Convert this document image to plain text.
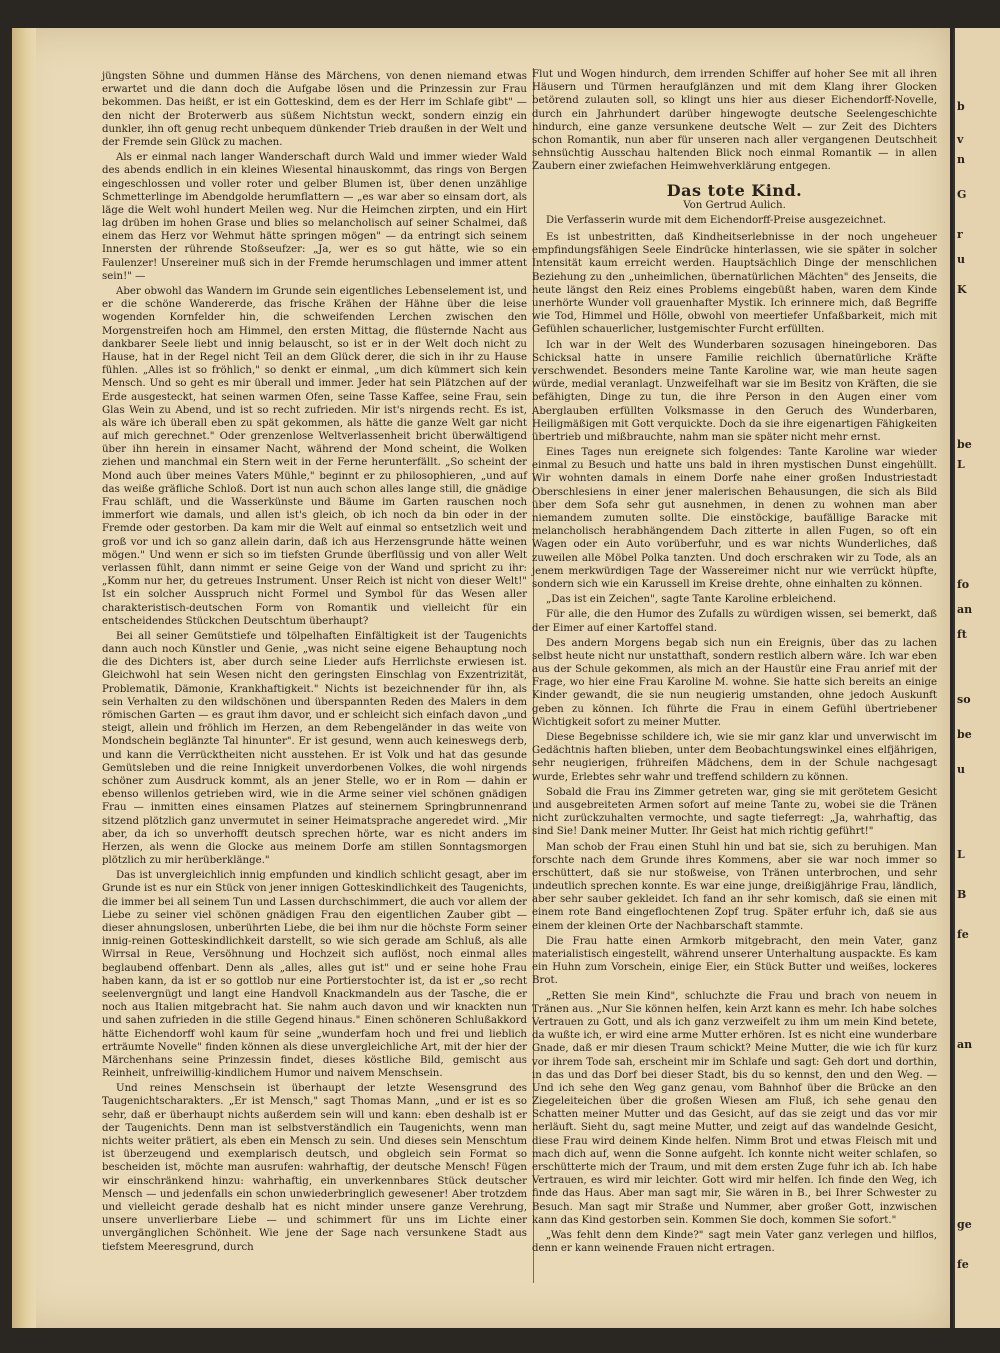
jüngsten Söhne und dummen Hänse des Märchens, von denen niemand etwas erwartet und die dann doch die Aufgabe lösen und die Prinzessin zur Frau bekommen. Das heißt, er ist ein Gotteskind, dem es der Herr im Schlafe gibt" — den nicht der Broterwerb aus süßem Nichtstun weckt, sondern einzig ein dunkler, ihn oft genug recht unbequem dünkender Trieb draußen in der Welt und der Fremde sein Glück zu machen.

Als er einmal nach langer Wanderschaft durch Wald und immer wieder Wald des abends endlich in ein kleines Wiesental hinauskommt, das rings von Bergen eingeschlossen und voller roter und gelber Blumen ist, über denen unzählige Schmetterlinge im Abendgolde herumflattern — „es war aber so einsam dort, als läge die Welt wohl hundert Meilen weg. Nur die Heimchen zirpten, und ein Hirt lag drüben im hohen Grase und blies so melancholisch auf seiner Schalmei, daß einem das Herz vor Wehmut hätte springen mögen" — da entringt sich seinem Innersten der rührende Stoßseufzer: „Ja, wer es so gut hätte, wie so ein Faulenzer! Unsereiner muß sich in der Fremde herumschlagen und immer attent sein!" —

Aber obwohl das Wandern im Grunde sein eigentliches Lebenselement ist, und er die schöne Wandererde, das frische Krähen der Hähne über die leise wogenden Kornfelder hin, die schweifenden Lerchen zwischen den Morgenstreifen hoch am Himmel, den ersten Mittag, die flüsternde Nacht aus dankbarer Seele liebt und innig belauscht, so ist er in der Welt doch nicht zu Hause, hat in der Regel nicht Teil an dem Glück derer, die sich in ihr zu Hause fühlen. „Alles ist so fröhlich," so denkt er einmal, „um dich kümmert sich kein Mensch. Und so geht es mir überall und immer. Jeder hat sein Plätzchen auf der Erde ausgesteckt, hat seinen warmen Ofen, seine Tasse Kaffee, seine Frau, sein Glas Wein zu Abend, und ist so recht zufrieden. Mir ist's nirgends recht. Es ist, als wäre ich überall eben zu spät gekommen, als hätte die ganze Welt gar nicht auf mich gerechnet." Oder grenzenlose Weltverlassenheit bricht überwältigend über ihn herein in einsamer Nacht, während der Mond scheint, die Wolken ziehen und manchmal ein Stern weit in der Ferne herunterfällt. „So scheint der Mond auch über meines Vaters Mühle," beginnt er zu philosophieren, „und auf das weiße gräfliche Schloß. Dort ist nun auch schon alles lange still, die gnädige Frau schläft, und die Wasserkünste und Bäume im Garten rauschen noch immerfort wie damals, und allen ist's gleich, ob ich noch da bin oder in der Fremde oder gestorben. Da kam mir die Welt auf einmal so entsetzlich weit und groß vor und ich so ganz allein darin, daß ich aus Herzensgrunde hätte weinen mögen." Und wenn er sich so im tiefsten Grunde überflüssig und von aller Welt verlassen fühlt, dann nimmt er seine Geige von der Wand und spricht zu ihr: „Komm nur her, du getreues Instrument. Unser Reich ist nicht von dieser Welt!" Ist ein solcher Ausspruch nicht Formel und Symbol für das Wesen aller charakteristisch-deutschen Form von Romantik und vielleicht für ein entscheidendes Stückchen Deutschtum überhaupt?

Bei all seiner Gemütstiefe und tölpelhaften Einfältigkeit ist der Taugenichts dann auch noch Künstler und Genie, „was nicht seine eigene Behauptung noch die des Dichters ist, aber durch seine Lieder aufs Herrlichste erwiesen ist. Gleichwohl hat sein Wesen nicht den geringsten Einschlag von Exzentrizität, Problematik, Dämonie, Krankhaftigkeit." Nichts ist bezeichnender für ihn, als sein Verhalten zu den wildschönen und überspannten Reden des Malers in dem römischen Garten — es graut ihm davor, und er schleicht sich einfach davon „und steigt, allein und fröhlich im Herzen, an dem Rebengeländer in das weite von Mondschein beglänzte Tal hinunter". Er ist gesund, wenn auch keineswegs derb, und kann die Verrücktheiten nicht ausstehen. Er ist Volk und hat das gesunde Gemütsleben und die reine Innigkeit unverdorbenen Volkes, die wohl nirgends schöner zum Ausdruck kommt, als an jener Stelle, wo er in Rom — dahin er ebenso willenlos getrieben wird, wie in die Arme seiner viel schönen gnädigen Frau — inmitten eines einsamen Platzes auf steinernem Springbrunnenrand sitzend plötzlich ganz unvermutet in seiner Heimatsprache angeredet wird. „Mir aber, da ich so unverhofft deutsch sprechen hörte, war es nicht anders im Herzen, als wenn die Glocke aus meinem Dorfe am stillen Sonntagsmorgen plötzlich zu mir herüberklänge."

Das ist unvergleichlich innig empfunden und kindlich schlicht gesagt, aber im Grunde ist es nur ein Stück von jener innigen Gotteskindlichkeit des Taugenichts, die immer bei all seinem Tun und Lassen durchschimmert, die auch vor allem der Liebe zu seiner viel schönen gnädigen Frau den eigentlichen Zauber gibt — dieser ahnungslosen, unberührten Liebe, die bei ihm nur die höchste Form seiner innig-reinen Gotteskindlichkeit darstellt, so wie sich gerade am Schluß, als alle Wirrsal in Reue, Versöhnung und Hochzeit sich auflöst, noch einmal alles beglaubend offenbart. Denn als „alles, alles gut ist" und er seine hohe Frau haben kann, da ist er so gottlob nur eine Portierstochter ist, da ist er „so recht seelenvergnügt und langt eine Handvoll Knackmandeln aus der Tasche, die er noch aus Italien mitgebracht hat. Sie nahm auch davon und wir knackten nun und sahen zufrieden in die stille Gegend hinaus." Einen schöneren Schlußakkord hätte Eichendorff wohl kaum für seine „wunderfam hoch und frei und lieblich erträumte Novelle" finden können als diese unvergleichliche Art, mit der hier der Märchenhans seine Prinzessin findet, dieses köstliche Bild, gemischt aus Reinheit, unfreiwillig-kindlichem Humor und naivem Menschsein.

Und reines Menschsein ist überhaupt der letzte Wesensgrund des Taugenichtscharakters. „Er ist Mensch," sagt Thomas Mann, „und er ist es so sehr, daß er überhaupt nichts außerdem sein will und kann: eben deshalb ist er der Taugenichts. Denn man ist selbstverständlich ein Taugenichts, wenn man nichts weiter prätiert, als eben ein Mensch zu sein. Und dieses sein Menschtum ist überzeugend und exemplarisch deutsch, und obgleich sein Format so bescheiden ist, möchte man ausrufen: wahrhaftig, der deutsche Mensch! Fügen wir einschränkend hinzu: wahrhaftig, ein unverkennbares Stück deutscher Mensch — und jedenfalls ein schon unwiederbringlich gewesener! Aber trotzdem und vielleicht gerade deshalb hat es nicht minder unsere ganze Verehrung, unsere unverlierbare Liebe — und schimmert für uns im Lichte einer unvergänglichen Schönheit. Wie jene der Sage nach versunkene Stadt aus tiefstem Meeresgrund, durch

Flut und Wogen hindurch, dem irrenden Schiffer auf hoher See mit all ihren Häusern und Türmen heraufglänzen und mit dem Klang ihrer Glocken betörend zulauten soll, so klingt uns hier aus dieser Eichendorff-Novelle, durch ein Jahrhundert darüber hingewogte deutsche Seelengeschichte hindurch, eine ganze versunkene deutsche Welt — zur Zeit des Dichters schon Romantik, nun aber für unseren nach aller vergangenen Deutschheit sehnsüchtig Ausschau haltenden Blick noch einmal Romantik — in allen Zaubern einer zwiefachen Heimwehverklärung entgegen.

Das tote Kind.

Von Gertrud Aulich.

Die Verfasserin wurde mit dem Eichendorff-Preise ausgezeichnet.

Es ist unbestritten, daß Kindheitserlebnisse in der noch ungeheuer empfindungsfähigen Seele Eindrücke hinterlassen, wie sie später in solcher Intensität kaum erreicht werden. Hauptsächlich Dinge der menschlichen Beziehung zu den „unheimlichen, übernatürlichen Mächten" des Jenseits, die heute längst den Reiz eines Problems eingebüßt haben, waren dem Kinde unerhörte Wunder voll grauenhafter Mystik. Ich erinnere mich, daß Begriffe wie Tod, Himmel und Hölle, obwohl von meertiefer Unfaßbarkeit, mich mit Gefühlen schauerlicher, lustgemischter Furcht erfüllten.

Ich war in der Welt des Wunderbaren sozusagen hineingeboren. Das Schicksal hatte in unsere Familie reichlich übernatürliche Kräfte verschwendet. Besonders meine Tante Karoline war, wie man heute sagen würde, medial veranlagt. Unzweifelhaft war sie im Besitz von Kräften, die sie befähigten, Dinge zu tun, die ihre Person in den Augen einer vom Aberglauben erfüllten Volksmasse in den Geruch des Wunderbaren, Heiligmäßigen mit Gott verquickte. Doch da sie ihre eigenartigen Fähigkeiten übertrieb und mißbrauchte, nahm man sie später nicht mehr ernst.

Eines Tages nun ereignete sich folgendes: Tante Karoline war wieder einmal zu Besuch und hatte uns bald in ihren mystischen Dunst eingehüllt. Wir wohnten damals in einem Dorfe nahe einer großen Industriestadt Oberschlesiens in einer jener malerischen Behausungen, die sich als Bild über dem Sofa sehr gut ausnehmen, in denen zu wohnen man aber niemandem zumuten sollte. Die einstöckige, baufällige Baracke mit melancholisch herabhängendem Dach zitterte in allen Fugen, so oft ein Wagen oder ein Auto vorüberfuhr, und es war nichts Wunderliches, daß zuweilen alle Möbel Polka tanzten. Und doch erschraken wir zu Tode, als an jenem merkwürdigen Tage der Wassereimer nicht nur wie verrückt hüpfte, sondern sich wie ein Karussell im Kreise drehte, ohne einhalten zu können.

„Das ist ein Zeichen", sagte Tante Karoline erbleichend.

Für alle, die den Humor des Zufalls zu würdigen wissen, sei bemerkt, daß der Eimer auf einer Kartoffel stand.

Des andern Morgens begab sich nun ein Ereignis, über das zu lachen selbst heute nicht nur unstatthaft, sondern restlich albern wäre. Ich war eben aus der Schule gekommen, als mich an der Haustür eine Frau anrief mit der Frage, wo hier eine Frau Karoline M. wohne. Sie hatte sich bereits an einige Kinder gewandt, die sie nun neugierig umstanden, ohne jedoch Auskunft geben zu können. Ich führte die Frau in einem Gefühl übertriebener Wichtigkeit sofort zu meiner Mutter.

Diese Begebnisse schildere ich, wie sie mir ganz klar und unverwischt im Gedächtnis haften blieben, unter dem Beobachtungswinkel eines elfjährigen, sehr neugierigen, frühreifen Mädchens, dem in der Schule nachgesagt wurde, Erlebtes sehr wahr und treffend schildern zu können.

Sobald die Frau ins Zimmer getreten war, ging sie mit gerötetem Gesicht und ausgebreiteten Armen sofort auf meine Tante zu, wobei sie die Tränen nicht zurückzuhalten vermochte, und sagte tieferregt: „Ja, wahrhaftig, das sind Sie! Dank meiner Mutter. Ihr Geist hat mich richtig geführt!"

Man schob der Frau einen Stuhl hin und bat sie, sich zu beruhigen. Man forschte nach dem Grunde ihres Kommens, aber sie war noch immer so erschüttert, daß sie nur stoßweise, von Tränen unterbrochen, und sehr undeutlich sprechen konnte. Es war eine junge, dreißigjährige Frau, ländlich, aber sehr sauber gekleidet. Ich fand an ihr sehr komisch, daß sie einen mit einem rote Band eingeflochtenen Zopf trug. Später erfuhr ich, daß sie aus einem der kleinen Orte der Nachbarschaft stammte.

Die Frau hatte einen Armkorb mitgebracht, den mein Vater, ganz materialistisch eingestellt, während unserer Unterhaltung auspackte. Es kam ein Huhn zum Vorschein, einige Eier, ein Stück Butter und weißes, lockeres Brot.

„Retten Sie mein Kind", schluchzte die Frau und brach von neuem in Tränen aus. „Nur Sie können helfen, kein Arzt kann es mehr. Ich habe solches Vertrauen zu Gott, und als ich ganz verzweifelt zu ihm um mein Kind betete, da wußte ich, er wird eine arme Mutter erhören. Ist es nicht eine wunderbare Gnade, daß er mir diesen Traum schickt? Meine Mutter, die wie ich für kurz vor ihrem Tode sah, erscheint mir im Schlafe und sagt: Geh dort und dorthin, in das und das Dorf bei dieser Stadt, bis du so kennst, den und den Weg. — Und ich sehe den Weg ganz genau, vom Bahnhof über die Brücke an den Ziegeleiteichen über die großen Wiesen am Fluß, ich sehe genau den Schatten meiner Mutter und das Gesicht, auf das sie zeigt und das vor mir herläuft. Sieht du, sagt meine Mutter, und zeigt auf das wandelnde Gesicht, diese Frau wird deinem Kinde helfen. Nimm Brot und etwas Fleisch mit und mach dich auf, wenn die Sonne aufgeht. Ich konnte nicht weiter schlafen, so erschütterte mich der Traum, und mit dem ersten Zuge fuhr ich ab. Ich habe Vertrauen, es wird mir leichter. Gott wird mir helfen. Ich finde den Weg, ich finde das Haus. Aber man sagt mir, Sie wären in B., bei Ihrer Schwester zu Besuch. Man sagt mir Straße und Nummer, aber großer Gott, inzwischen kann das Kind gestorben sein. Kommen Sie doch, kommen Sie sofort."

„Was fehlt denn dem Kinde?" sagt mein Vater ganz verlegen und hilflos, denn er kann weinende Frauen nicht ertragen.

b
v
n
G
r
u
K
be
L
fo
an
ft
so
be
u
L
B
fe
an
ge
fe
